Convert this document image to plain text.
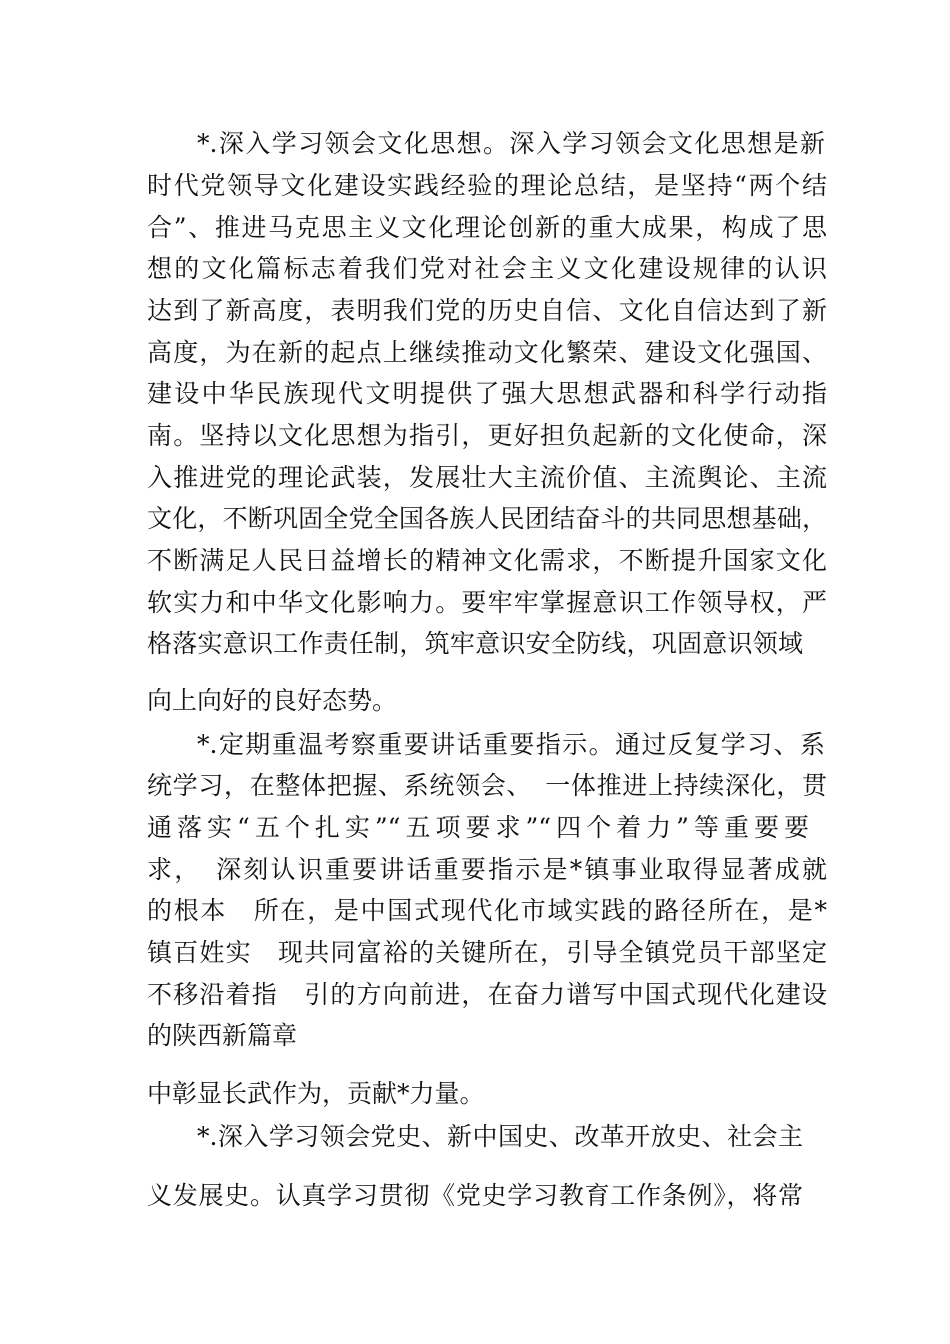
*.深入学习领会文化思想。深入学习领会文化思想是新
时代党领导文化建设实践经验的理论总结，是坚持“两个结
合”、推进马克思主义文化理论创新的重大成果，构成了思
想的文化篇标志着我们党对社会主义文化建设规律的认识
达到了新高度，表明我们党的历史自信、文化自信达到了新
高度，为在新的起点上继续推动文化繁荣、建设文化强国、
建设中华民族现代文明提供了强大思想武器和科学行动指
南。坚持以文化思想为指引，更好担负起新的文化使命，深
入推进党的理论武装，发展壮大主流价值、主流舆论、主流
文化，不断巩固全党全国各族人民团结奋斗的共同思想基础，
不断满足人民日益增长的精神文化需求，不断提升国家文化
软实力和中华文化影响力。要牢牢掌握意识工作领导权，严
格落实意识工作责任制，筑牢意识安全防线，巩固意识领域
向上向好的良好态势。
*.定期重温考察重要讲话重要指示。通过反复学习、系
统学习，在整体把握、系统领会、　一体推进上持续深化，贯
通落实“五个扎实”“五项要求”“四个着力”等重要要
求，　深刻认识重要讲话重要指示是*镇事业取得显著成就
的根本　所在，是中国式现代化市域实践的路径所在，是*
镇百姓实　现共同富裕的关键所在，引导全镇党员干部坚定
不移沿着指　引的方向前进，在奋力谱写中国式现代化建设
的陕西新篇章
中彰显长武作为，贡献*力量。
*.深入学习领会党史、新中国史、改革开放史、社会主
义发展史。认真学习贯彻《党史学习教育工作条例》，将常
